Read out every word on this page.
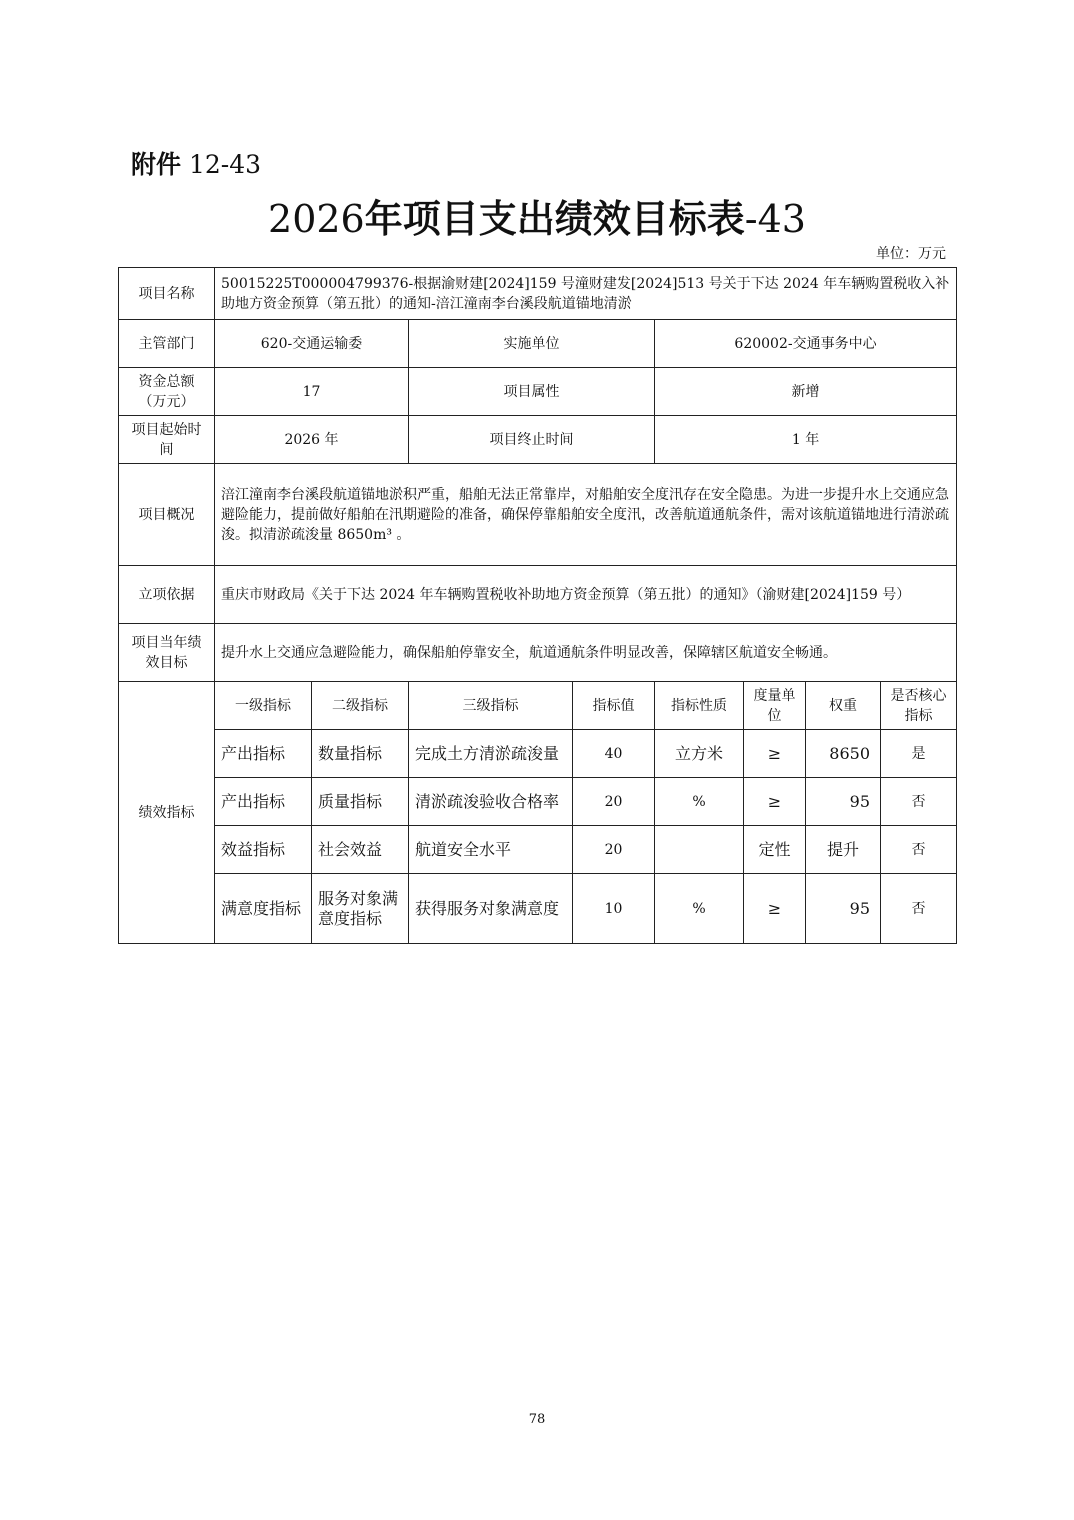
附件 12-43
2026年项目支出绩效目标表-43
单位：万元
项目名称	50015225T000004799376-根据渝财建[2024]159 号潼财建发[2024]513 号关于下达 2024 年车辆购置税收入补助地方资金预算（第五批）的通知-涪江潼南李台溪段航道锚地清淤							
主管部门	620-交通运输委		实施单位		620002-交通事务中心			
资金总额（万元）	17		项目属性		新增			
项目起始时间	2026 年		项目终止时间		1 年			
项目概况	涪江潼南李台溪段航道锚地淤积严重，船舶无法正常靠岸，对船舶安全度汛存在安全隐患。为进一步提升水上交通应急避险能力，提前做好船舶在汛期避险的准备，确保停靠船舶安全度汛，改善航道通航条件，需对该航道锚地进行清淤疏浚。拟清淤疏浚量 8650m³ 。							
立项依据	重庆市财政局《关于下达 2024 年车辆购置税收补助地方资金预算（第五批）的通知》（渝财建[2024]159 号）							
项目当年绩效目标	提升水上交通应急避险能力，确保船舶停靠安全，航道通航条件明显改善，保障辖区航道安全畅通。							
绩效指标	一级指标	二级指标	三级指标	指标值	指标性质	度量单位	权重	是否核心指标
	产出指标	数量指标	完成土方清淤疏浚量	40	立方米	≥	8650	是
	产出指标	质量指标	清淤疏浚验收合格率	20	%	≥	95	否
	效益指标	社会效益	航道安全水平	20		定性	提升	否
	满意度指标	服务对象满意度指标	获得服务对象满意度	10	%	≥	95	否
78
